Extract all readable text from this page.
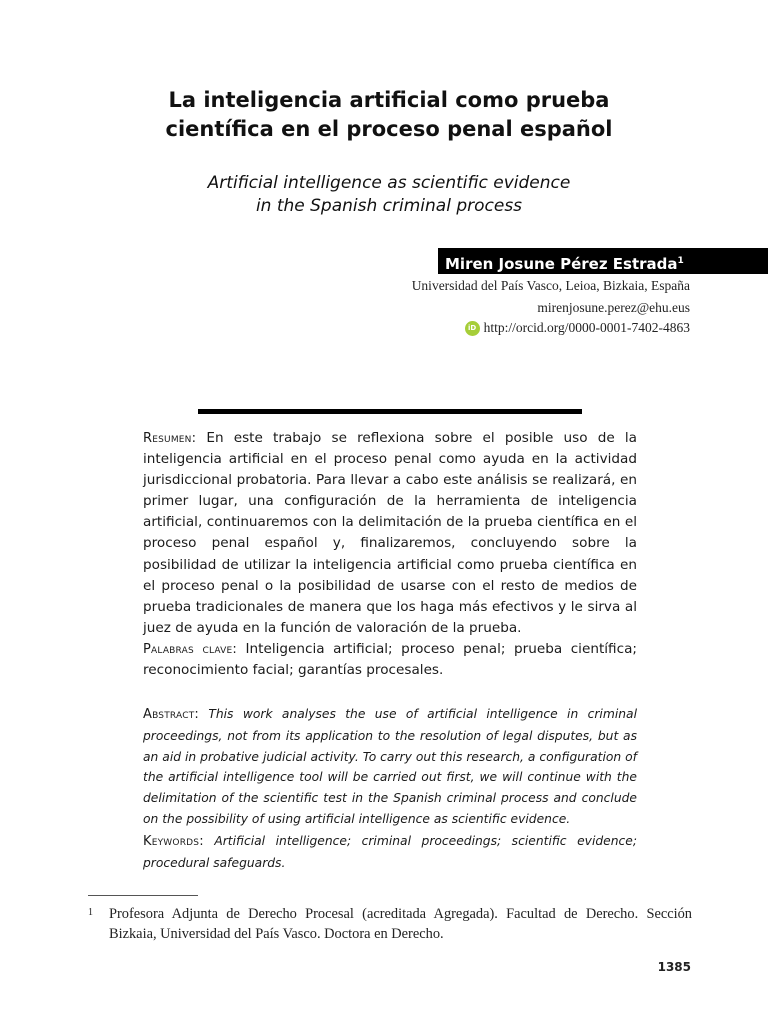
La inteligencia artificial como prueba
científica en el proceso penal español
Artificial intelligence as scientific evidence
in the Spanish criminal process
Miren Josune Pérez Estrada$^1$
Universidad del País Vasco, Leioa, Bizkaia, España
mirenjosune.perez@ehu.eus
iD http://orcid.org/0000-0001-7402-4863
Resumen: En este trabajo se reflexiona sobre el posible uso de la inteligencia artificial en el proceso penal como ayuda en la actividad jurisdiccional probatoria. Para llevar a cabo este análisis se realizará, en primer lugar, una configuración de la herramienta de inteligencia artificial, continuaremos con la delimitación de la prueba científica en el proceso penal español y, finalizaremos, concluyendo sobre la posibilidad de utilizar la inteligencia artificial como prueba científica en el proceso penal o la posibilidad de usarse con el resto de medios de prueba tradicionales de manera que los haga más efectivos y le sirva al juez de ayuda en la función de valoración de la prueba.
Palabras clave: Inteligencia artificial; proceso penal; prueba científica; reconocimiento facial; garantías procesales.
Abstract: This work analyses the use of artificial intelligence in criminal proceedings, not from its application to the resolution of legal disputes, but as an aid in probative judicial activity. To carry out this research, a configuration of the artificial intelligence tool will be carried out first, we will continue with the delimitation of the scientific test in the Spanish criminal process and conclude on the possibility of using artificial intelligence as scientific evidence.
Keywords: Artificial intelligence; criminal proceedings; scientific evidence; procedural safeguards.
1 Profesora Adjunta de Derecho Procesal (acreditada Agregada). Facultad de Derecho. Sección Bizkaia, Universidad del País Vasco. Doctora en Derecho.
1385
